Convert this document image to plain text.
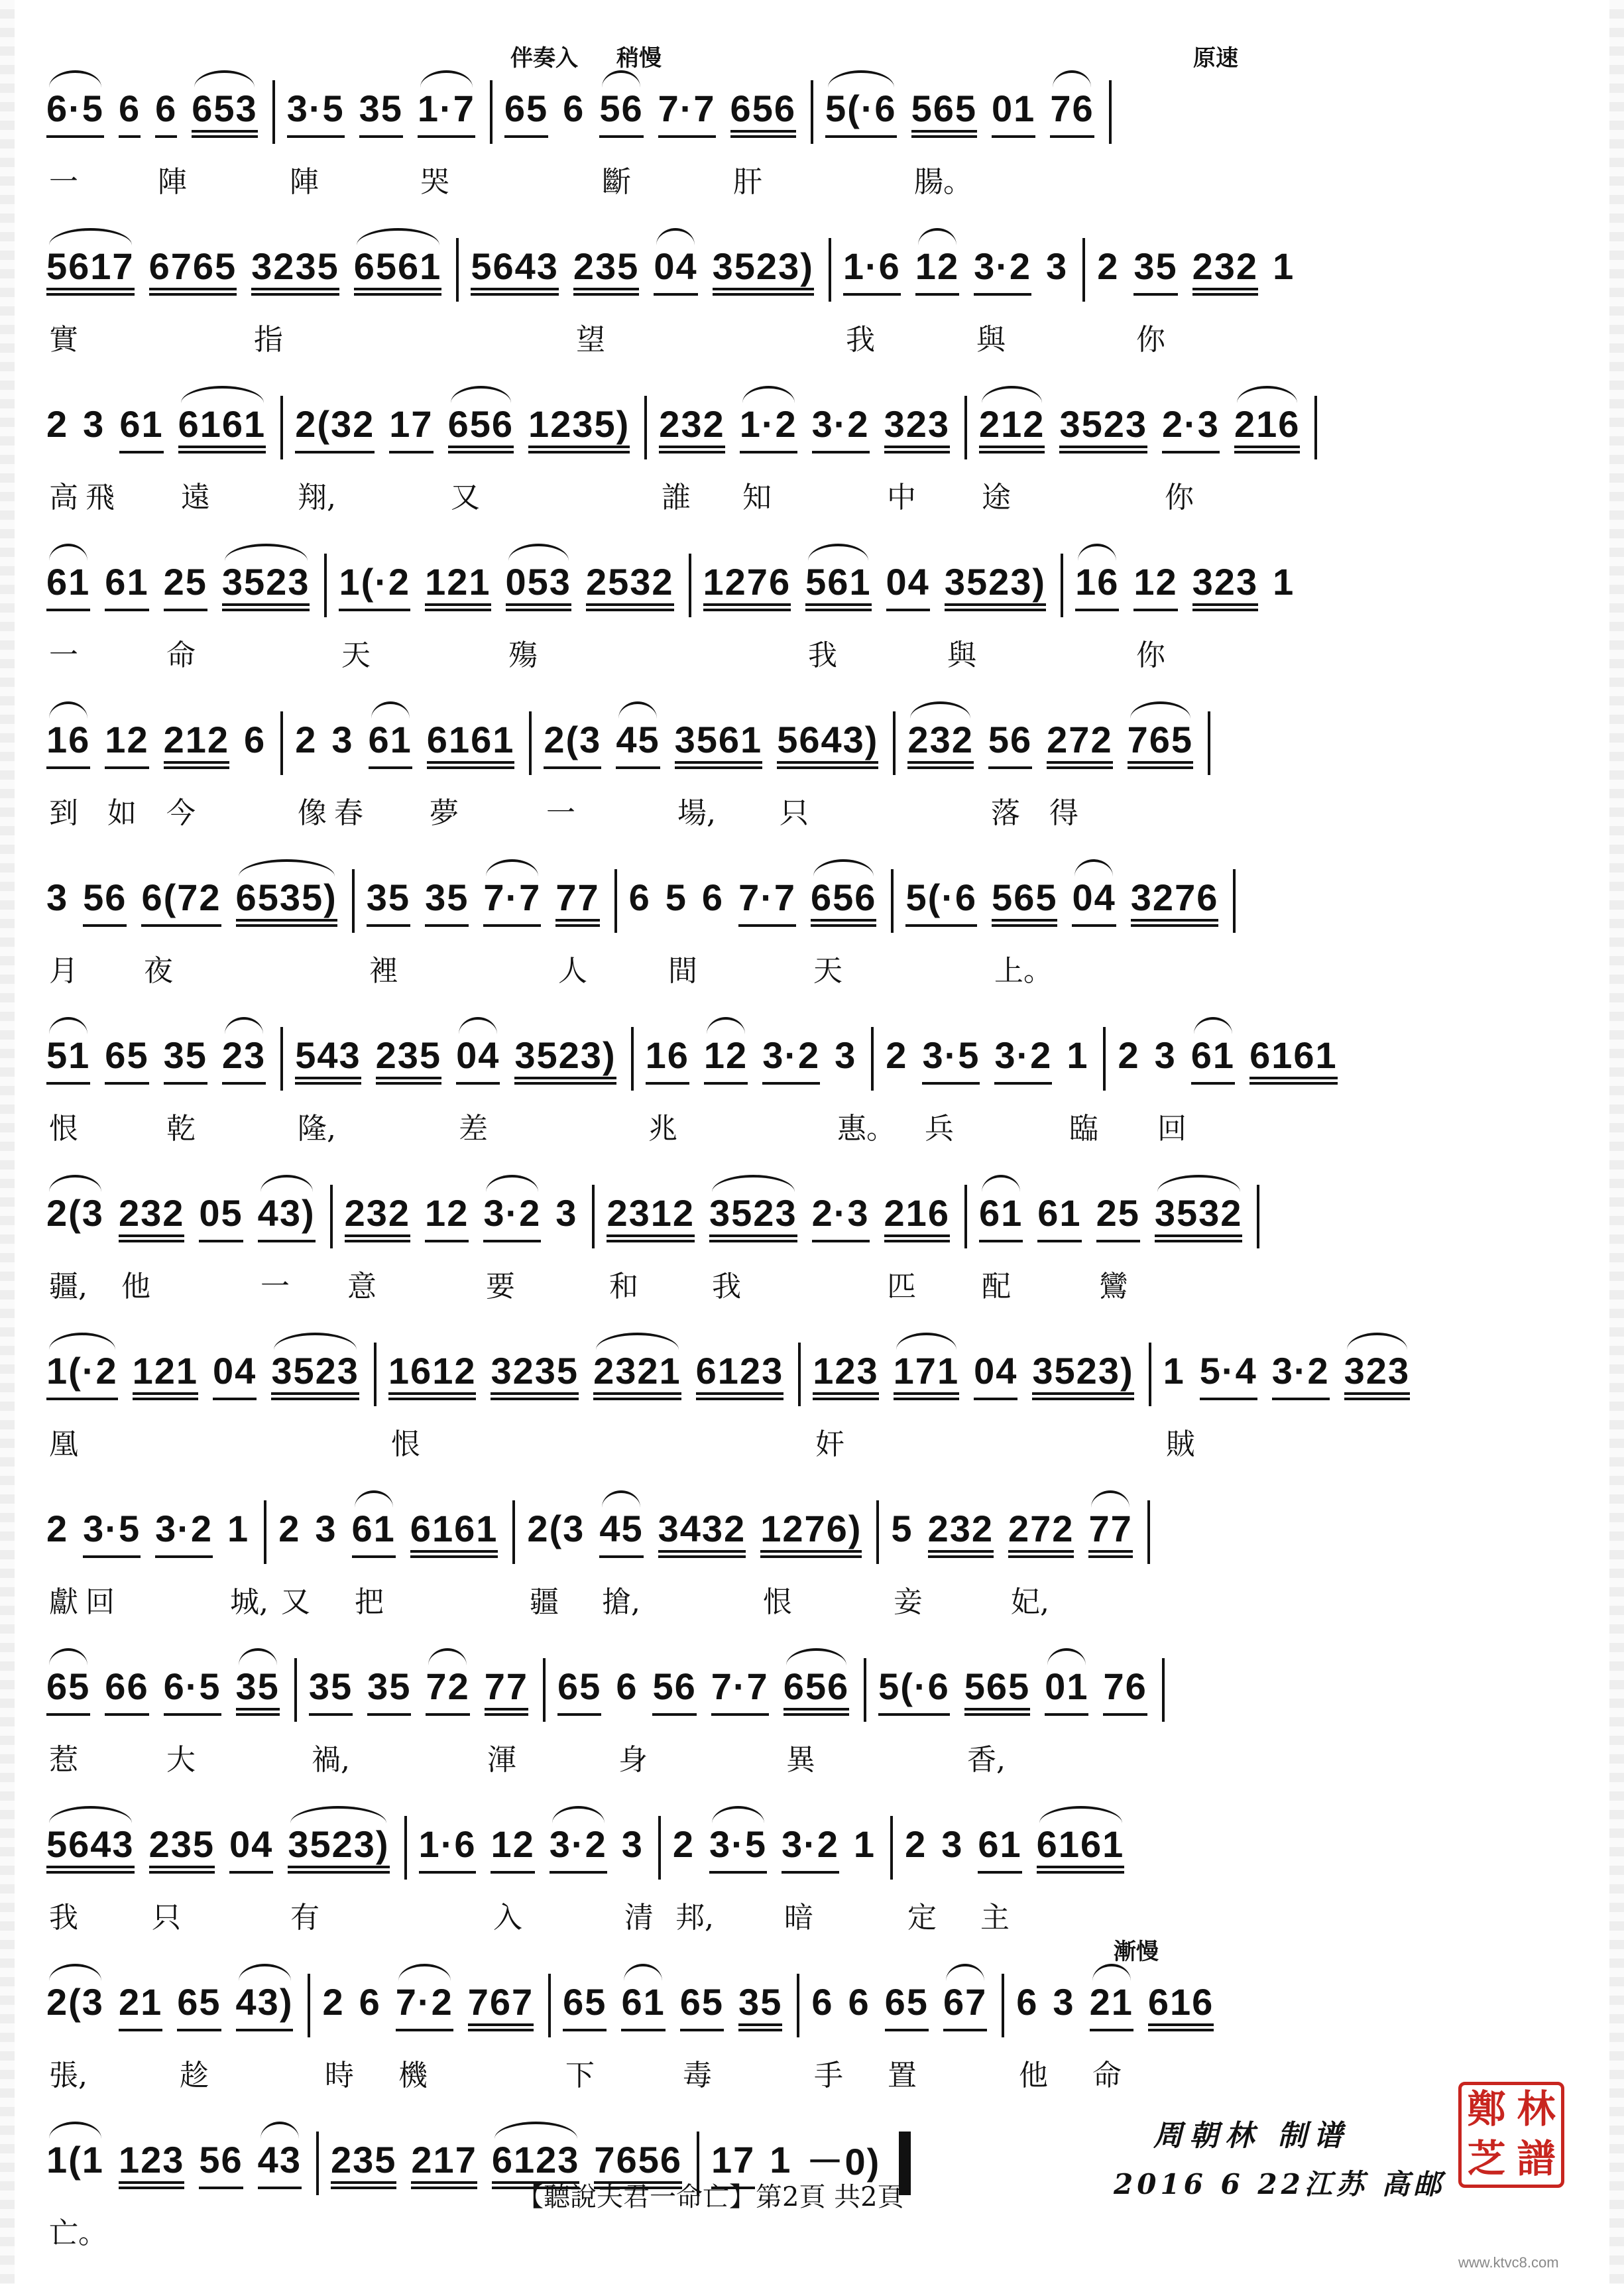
伴奏入 稍慢	原速
6·5 6 6 653 3·5 35 1·7 65 6 56 7·7 656 5(·6 565 01 76
一	陣	陣	哭	斷	肝	腸。
5617 6765 3235 6561 5643 235 04 3523) 1·6 12 3·2 3 2 35 232 1
實	指	望	我	與	你
2 3 61 6161 2(32 17 656 1235) 232 1·2 3·2 323 212 3523 2·3 216
高 飛 遠	翔,	又	誰 知	中 途	你
61 61 25 3523 1(·2 121 053 2532 1276 561 04 3523) 16 12 323 1
一	命	天	殤	我	與	你
16 12 212 6 2 3 61 6161 2(3 45 3561 5643) 232 56 272 765
到 如 今	像 春 夢	一	場, 只	落 得
3 56 6(72 6535) 35 35 7·7 77 6 5 6 7·7 656 5(·6 565 04 3276
月 夜	裡	人	間	天	上。
51 65 35 23 543 235 04 3523) 16 12 3·2 3 2 3·5 3·2 1 2 3 61 6161
恨	乾	隆,	差	兆	惠。 兵	臨 回
2(3 232 05 43) 232 12 3·2 3 2312 3523 2·3 216 61 61 25 3532
疆, 他	一 意	要	和	我	匹 配	鸞
1(·2 121 04 3523 1612 3235 2321 6123 123 171 04 3523) 1 5·4 3·2 323
凰	恨	奸	賊
2 3·5 3·2 1 2 3 61 6161 2(3 45 3432 1276) 5 232 272 77
獻 回	城, 又 把	疆 搶,	恨	妾	妃,
65 66 6·5 35 35 35 72 77 65 6 56 7·7 656 5(·6 565 01 76
惹	大	禍,	渾	身	異	香,
5643 235 04 3523) 1·6 12 3·2 3 2 3·5 3·2 1 2 3 61 6161
我	只	有	入	清 邦, 暗	定 主
漸慢
2(3 21 65 43) 2 6 7·2 767 65 61 65 35 6 6 65 67 6 3 21 616
張,	趁	時 機	下	毒	手 置	他 命
1(1 123 56 43 235 217 6123 7656 17 1 －0)
亡。
周朝林 制谱
2016 6 22江苏 高邮
【聽說夫君一命亡】第2頁 共2頁
鄭 林
芝 譜
www.ktvc8.com
